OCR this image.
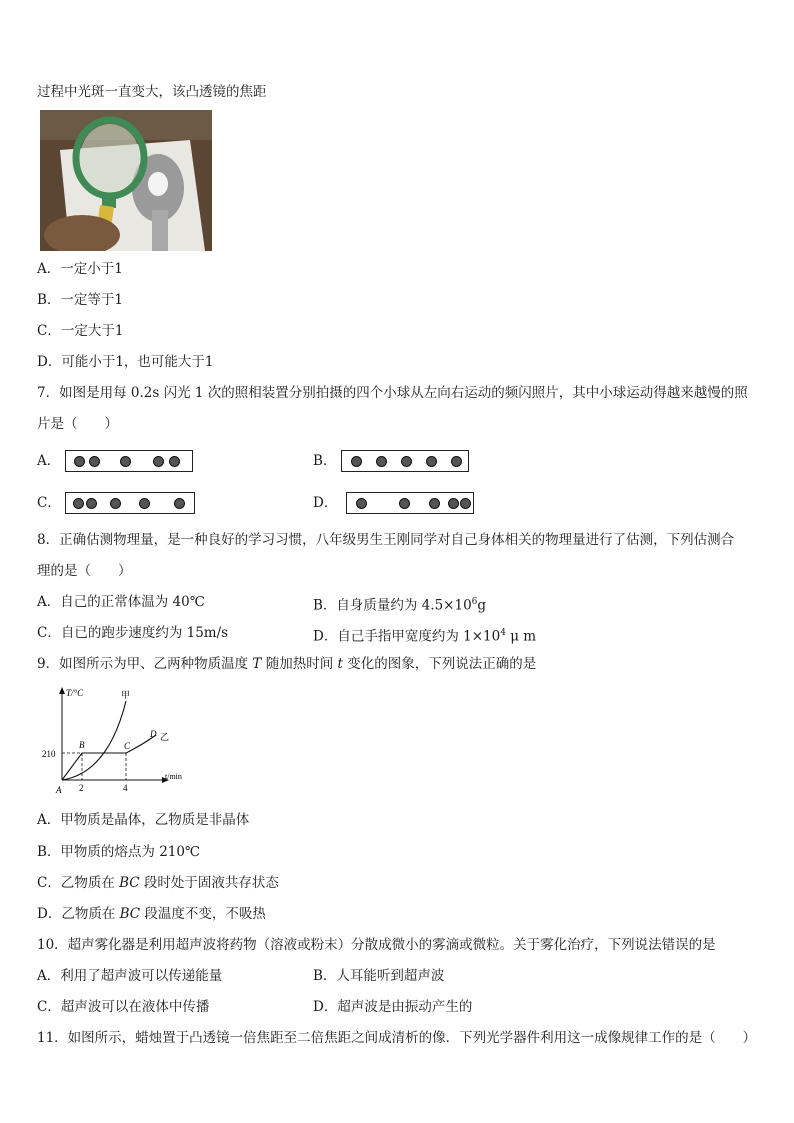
过程中光斑一直变大，该凸透镜的焦距
A．一定小于1
B．一定等于1
C．一定大于1
D．可能小于1，也可能大于1
7．如图是用每 0.2s 闪光 1 次的照相装置分别拍摄的四个小球从左向右运动的频闪照片，其中小球运动得越来越慢的照
片是（　　）
A．	B．
C．	D．
8．正确估测物理量，是一种良好的学习习惯，八年级男生王刚同学对自己身体相关的物理量进行了估测，下列估测合
理的是（　　）
A．自己的正常体温为 40℃	B．自身质量约为 $4.5\times 10^6g$
C．自已的跑步速度约为 15m/s	D．自己手指甲宽度约为 $1\times 10^4$ μ m
9．如图所示为甲、乙两种物质温度 T 随加热时间 t 变化的图象，下列说法正确的是
T/°C
t/min
210
2	4
甲
乙
A
B	C
D
A．甲物质是晶体，乙物质是非晶体
B．甲物质的熔点为 210℃
C．乙物质在 BC 段时处于固液共存状态
D．乙物质在 BC 段温度不变，不吸热
10．超声雾化器是利用超声波将药物（溶液或粉末）分散成微小的雾滴或微粒。关于雾化治疗，下列说法错误的是
A．利用了超声波可以传递能量	B．人耳能听到超声波
C．超声波可以在液体中传播	D．超声波是由振动产生的
11．如图所示，蜡烛置于凸透镜一倍焦距至二倍焦距之间成清析的像．下列光学器件利用这一成像规律工作的是（　　）
